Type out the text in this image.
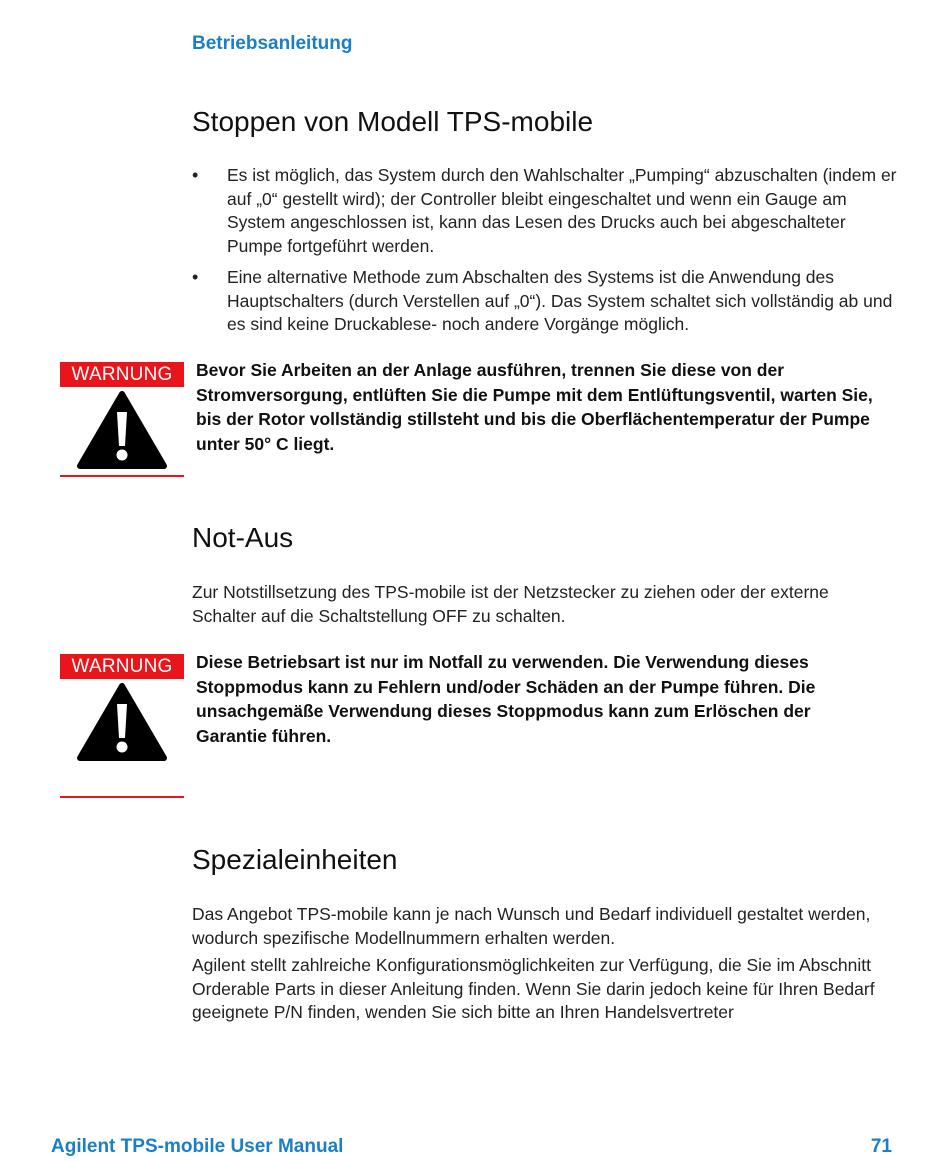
Betriebsanleitung
Stoppen von Modell TPS-mobile
• Es ist möglich, das System durch den Wahlschalter „Pumping“ abzuschalten (indem er auf „0“ gestellt wird); der Controller bleibt eingeschaltet und wenn ein Gauge am System angeschlossen ist, kann das Lesen des Drucks auch bei abgeschalteter Pumpe fortgeführt werden.
• Eine alternative Methode zum Abschalten des Systems ist die Anwendung des Hauptschalters (durch Verstellen auf „0“). Das System schaltet sich vollständig ab und es sind keine Druckablese- noch andere Vorgänge möglich.
WARNUNG	Bevor Sie Arbeiten an der Anlage ausführen, trennen Sie diese von der Stromversorgung, entlüften Sie die Pumpe mit dem Entlüftungsventil, warten Sie, bis der Rotor vollständig stillsteht und bis die Oberflächentemperatur der Pumpe unter 50° C liegt.

Not-Aus

Zur Notstillsetzung des TPS-mobile ist der Netzstecker zu ziehen oder der externe Schalter auf die Schaltstellung OFF zu schalten.

WARNUNG	Diese Betriebsart ist nur im Notfall zu verwenden. Die Verwendung dieses Stoppmodus kann zu Fehlern und/oder Schäden an der Pumpe führen. Die unsachgemäße Verwendung dieses Stoppmodus kann zum Erlöschen der Garantie führen.

Spezialeinheiten

Das Angebot TPS-mobile kann je nach Wunsch und Bedarf individuell gestaltet werden, wodurch spezifische Modellnummern erhalten werden.

Agilent stellt zahlreiche Konfigurationsmöglichkeiten zur Verfügung, die Sie im Abschnitt Orderable Parts in dieser Anleitung finden. Wenn Sie darin jedoch keine für Ihren Bedarf geeignete P/N finden, wenden Sie sich bitte an Ihren Handelsvertreter

Agilent TPS-mobile User Manual	71
